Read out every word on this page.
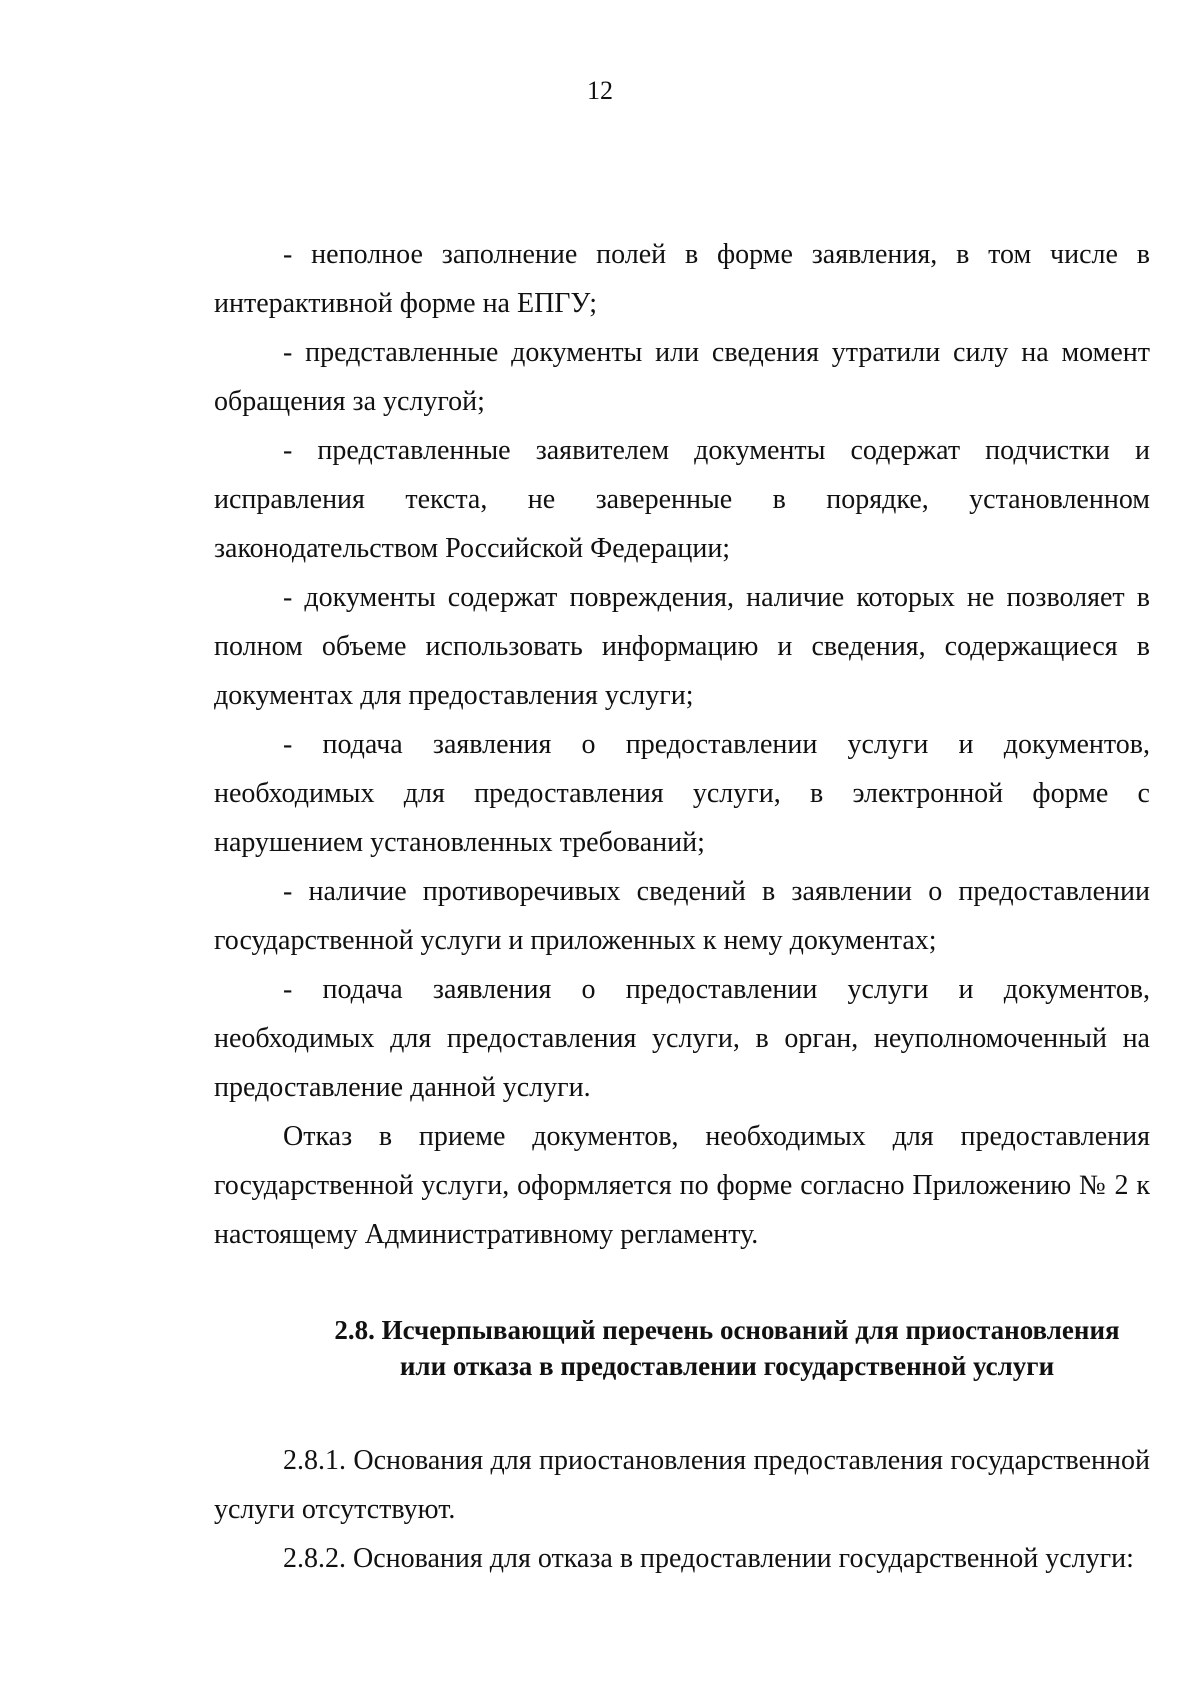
12

- неполное заполнение полей в форме заявления, в том числе в интерактивной форме на ЕПГУ;

- представленные документы или сведения утратили силу на момент обращения за услугой;

- представленные заявителем документы содержат подчистки и исправления текста, не заверенные в порядке, установленном законодательством Российской Федерации;

- документы содержат повреждения, наличие которых не позволяет в полном объеме использовать информацию и сведения, содержащиеся в документах для предоставления услуги;

- подача заявления о предоставлении услуги и документов, необходимых для предоставления услуги, в электронной форме с нарушением установленных требований;

- наличие противоречивых сведений в заявлении о предоставлении государственной услуги и приложенных к нему документах;

- подача заявления о предоставлении услуги и документов, необходимых для предоставления услуги, в орган, неуполномоченный на предоставление данной услуги.

Отказ в приеме документов, необходимых для предоставления государственной услуги, оформляется по форме согласно Приложению № 2 к настоящему Административному регламенту.

2.8. Исчерпывающий перечень оснований для приостановления
или отказа в предоставлении государственной услуги

2.8.1. Основания для приостановления предоставления государственной услуги отсутствуют.

2.8.2. Основания для отказа в предоставлении государственной услуги:
